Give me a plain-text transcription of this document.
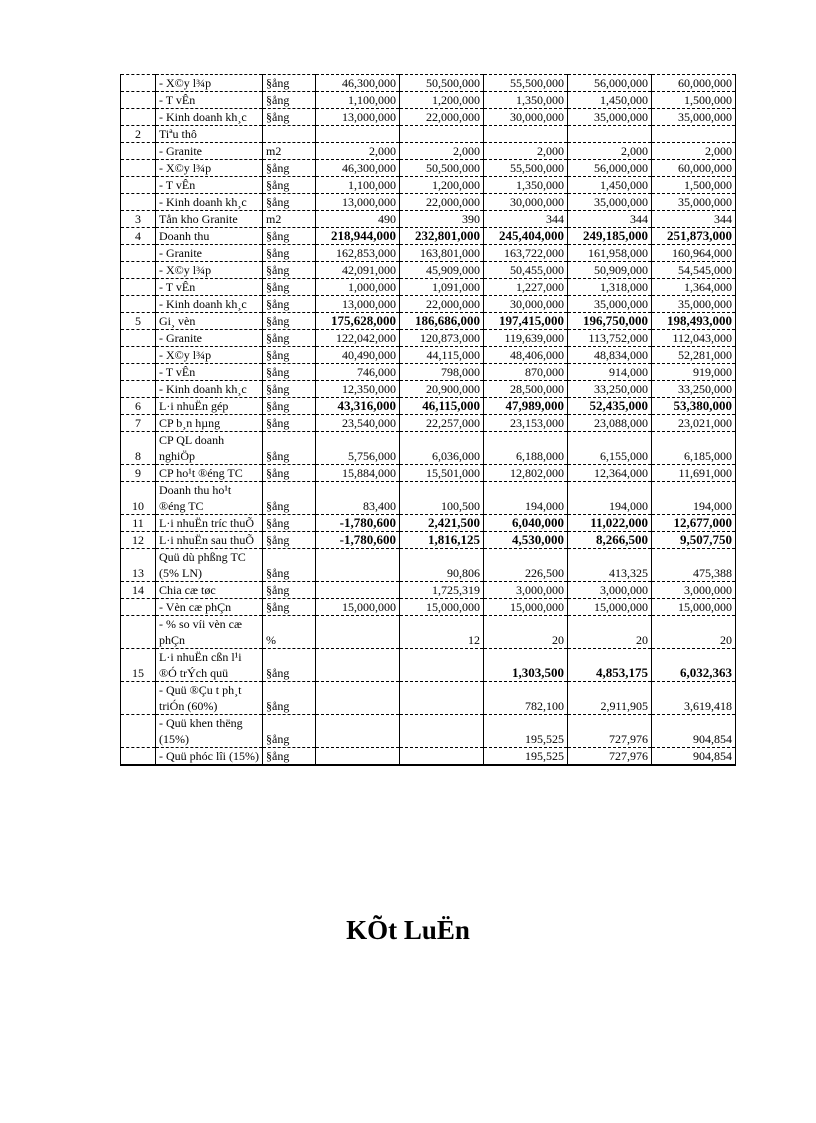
	- X©y l¾p	§ång	46,300,000	50,500,000	55,500,000	56,000,000	60,000,000
	- T vÊn	§ång	1,100,000	1,200,000	1,350,000	1,450,000	1,500,000
	- Kinh doanh kh¸c	§ång	13,000,000	22,000,000	30,000,000	35,000,000	35,000,000
2	Tiªu thô						
	- Granite	m2	2,000	2,000	2,000	2,000	2,000
	- X©y l¾p	§ång	46,300,000	50,500,000	55,500,000	56,000,000	60,000,000
	- T vÊn	§ång	1,100,000	1,200,000	1,350,000	1,450,000	1,500,000
	- Kinh doanh kh¸c	§ång	13,000,000	22,000,000	30,000,000	35,000,000	35,000,000
3	Tån kho Granite	m2	490	390	344	344	344
4	Doanh thu	§ång	218,944,000	232,801,000	245,404,000	249,185,000	251,873,000
	- Granite	§ång	162,853,000	163,801,000	163,722,000	161,958,000	160,964,000
	- X©y l¾p	§ång	42,091,000	45,909,000	50,455,000	50,909,000	54,545,000
	- T vÊn	§ång	1,000,000	1,091,000	1,227,000	1,318,000	1,364,000
	- Kinh doanh kh¸c	§ång	13,000,000	22,000,000	30,000,000	35,000,000	35,000,000
5	Gi¸ vèn	§ång	175,628,000	186,686,000	197,415,000	196,750,000	198,493,000
	- Granite	§ång	122,042,000	120,873,000	119,639,000	113,752,000	112,043,000
	- X©y l¾p	§ång	40,490,000	44,115,000	48,406,000	48,834,000	52,281,000
	- T vÊn	§ång	746,000	798,000	870,000	914,000	919,000
	- Kinh doanh kh¸c	§ång	12,350,000	20,900,000	28,500,000	33,250,000	33,250,000
6	L·i nhuËn gép	§ång	43,316,000	46,115,000	47,989,000	52,435,000	53,380,000
7	CP b¸n hµng	§ång	23,540,000	22,257,000	23,153,000	23,088,000	23,021,000
8	CP QL doanh nghiÖp	§ång	5,756,000	6,036,000	6,188,000	6,155,000	6,185,000
9	CP ho¹t ®éng TC	§ång	15,884,000	15,501,000	12,802,000	12,364,000	11,691,000
10	Doanh thu ho¹t ®éng TC	§ång	83,400	100,500	194,000	194,000	194,000
11	L·i nhuËn tríc thuÕ	§ång	-1,780,600	2,421,500	6,040,000	11,022,000	12,677,000
12	L·i nhuËn sau thuÕ	§ång	-1,780,600	1,816,125	4,530,000	8,266,500	9,507,750
13	Quü dù phßng TC (5% LN)	§ång		90,806	226,500	413,325	475,388
14	Chia cæ tøc	§ång		1,725,319	3,000,000	3,000,000	3,000,000
	- Vèn cæ phÇn	§ång	15,000,000	15,000,000	15,000,000	15,000,000	15,000,000
	- % so víi vèn cæ phÇn	%		12	20	20	20
15	L·i nhuËn cßn l¹i ®Ó trÝch quü	§ång			1,303,500	4,853,175	6,032,363
	- Quü ®Çu t ph¸t triÓn (60%)	§ång			782,100	2,911,905	3,619,418
	- Quü khen thëng (15%)	§ång			195,525	727,976	904,854
	- Quü phóc lîi (15%)	§ång			195,525	727,976	904,854
KÕt LuËn
